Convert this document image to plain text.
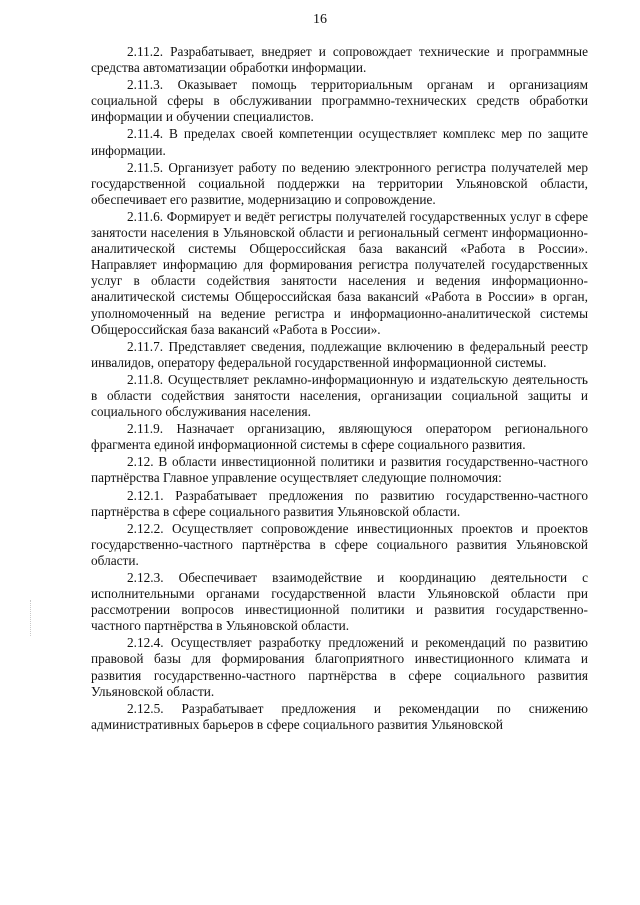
16

2.11.2. Разрабатывает, внедряет и сопровождает технические и программные средства автоматизации обработки информации.

2.11.3. Оказывает помощь территориальным органам и организациям социальной сферы в обслуживании программно-технических средств обработки информации и обучении специалистов.

2.11.4. В пределах своей компетенции осуществляет комплекс мер по защите информации.

2.11.5. Организует работу по ведению электронного регистра получателей мер государственной социальной поддержки на территории Ульяновской области, обеспечивает его развитие, модернизацию и сопровождение.

2.11.6. Формирует и ведёт регистры получателей государственных услуг в сфере занятости населения в Ульяновской области и региональный сегмент информационно-аналитической системы Общероссийская база вакансий «Работа в России». Направляет информацию для формирования регистра получателей государственных услуг в области содействия занятости населения и ведения информационно-аналитической системы Общероссийская база вакансий «Работа в России» в орган, уполномоченный на ведение регистра и информационно-аналитической системы Общероссийская база вакансий «Работа в России».

2.11.7. Представляет сведения, подлежащие включению в федеральный реестр инвалидов, оператору федеральной государственной информационной системы.

2.11.8. Осуществляет рекламно-информационную и издательскую деятельность в области содействия занятости населения, организации социальной защиты и социального обслуживания населения.

2.11.9. Назначает организацию, являющуюся оператором регионального фрагмента единой информационной системы в сфере социального развития.

2.12. В области инвестиционной политики и развития государственно-частного партнёрства Главное управление осуществляет следующие полномочия:

2.12.1. Разрабатывает предложения по развитию государственно-частного партнёрства в сфере социального развития Ульяновской области.

2.12.2. Осуществляет сопровождение инвестиционных проектов и проектов государственно-частного партнёрства в сфере социального развития Ульяновской области.

2.12.3. Обеспечивает взаимодействие и координацию деятельности с исполнительными органами государственной власти Ульяновской области при рассмотрении вопросов инвестиционной политики и развития государственно-частного партнёрства в Ульяновской области.

2.12.4. Осуществляет разработку предложений и рекомендаций по развитию правовой базы для формирования благоприятного инвестиционного климата и развития государственно-частного партнёрства в сфере социального развития Ульяновской области.

2.12.5. Разрабатывает предложения и рекомендации по снижению административных барьеров в сфере социального развития Ульяновской
